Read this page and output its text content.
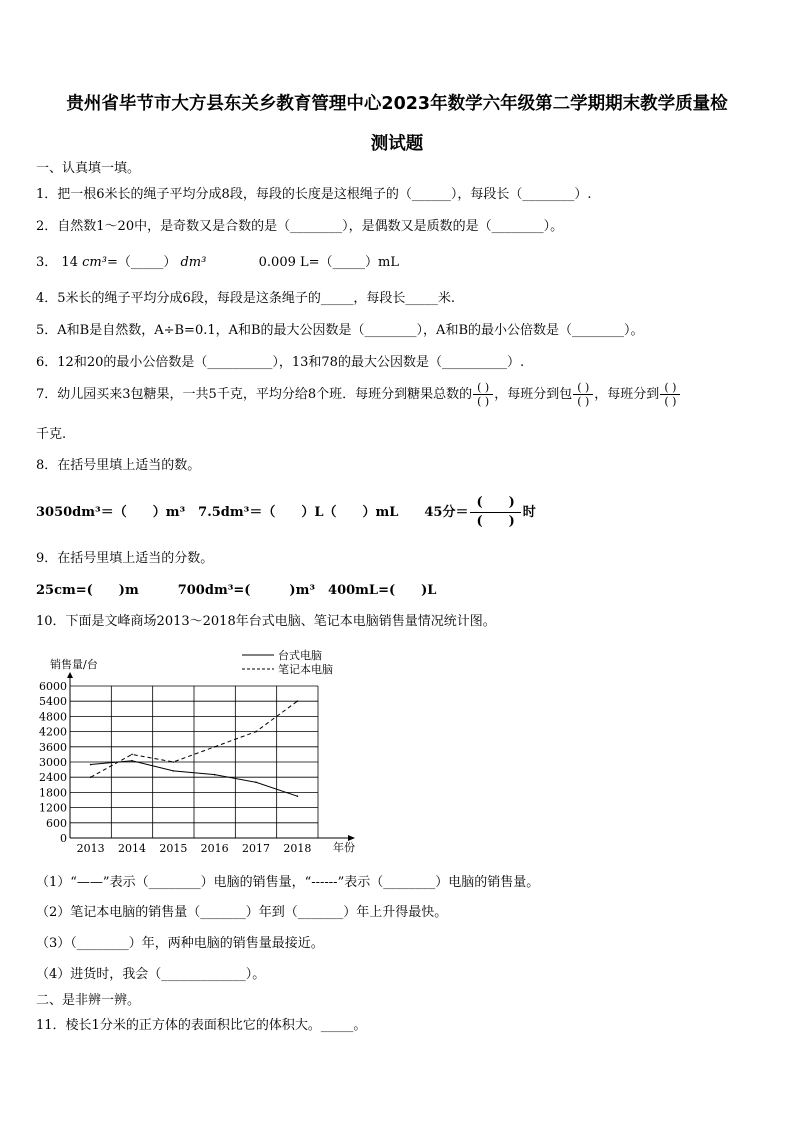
贵州省毕节市大方县东关乡教育管理中心2023年数学六年级第二学期期末教学质量检
测试题
一、认真填一填。
1．把一根6米长的绳子平均分成8段，每段的长度是这根绳子的（______），每段长（________）.
2．自然数1～20中，是奇数又是合数的是（________），是偶数又是质数的是（________）。
3． 14 cm³=（_____） dm³	0.009 L=（_____）mL
4．5米长的绳子平均分成6段，每段是这条绳子的_____，每段长_____米.
5．A和B是自然数，A÷B=0.1，A和B的最大公因数是（________），A和B的最小公倍数是（________）。
6．12和20的最小公倍数是（__________），13和78的最大公因数是（__________）.
7．幼儿园买来3包糖果，一共5千克，平均分给8个班．每班分到糖果总数的 $\frac{( )}{( )}$ ，每班分到包 $\frac{( )}{( )}$ ，每班分到 $\frac{( )}{( )}$
千克.
8．在括号里填上适当的数。
3050dm³＝（　　）m³　7.5dm³＝（　　）L（　　）mL　　45分＝ $\frac{( )}{( )}$ 时
9．在括号里填上适当的分数。
25cm=(　　)m　　　700dm³=(　　　)m³　400mL=(　　)L
10．下面是文峰商场2013～2018年台式电脑、笔记本电脑销售量情况统计图。
6000
5400
4800
4200
3600
3000
2400
1800
1200
600
0
2013 2014 2015 2016 2017 2018
销售量/台
年份
台式电脑
笔记本电脑
（1）“——”表示（________）电脑的销售量，“------”表示（________）电脑的销售量。
（2）笔记本电脑的销售量（_______）年到（_______）年上升得最快。
（3）（________）年，两种电脑的销售量最接近。
（4）进货时，我会（_____________）。
二、是非辨一辨。
11．棱长1分米的正方体的表面积比它的体积大。_____。
